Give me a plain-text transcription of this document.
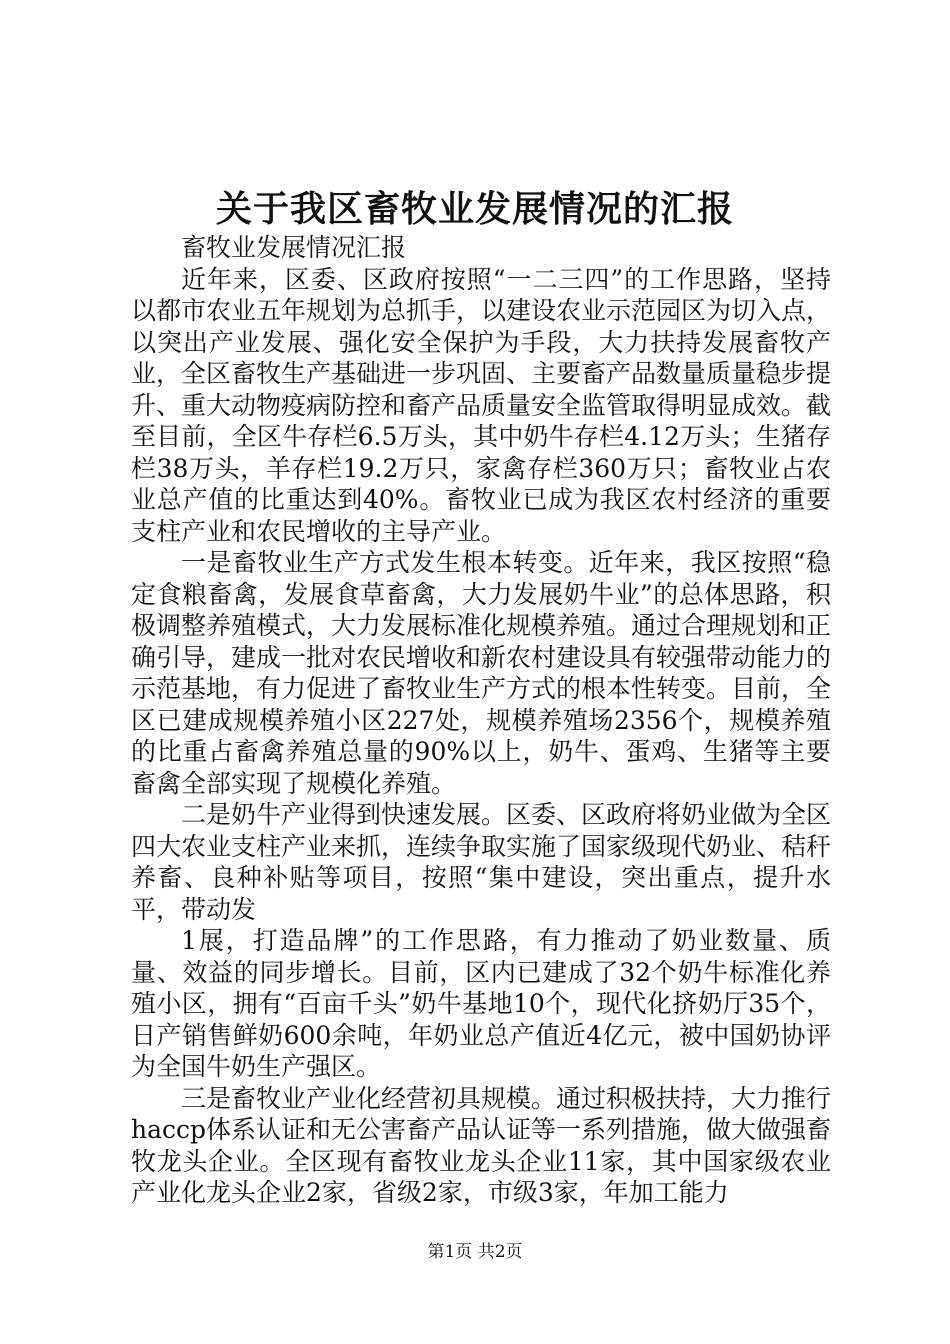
关于我区畜牧业发展情况的汇报

畜牧业发展情况汇报

近年来，区委、区政府按照“一二三四”的工作思路，坚持以都市农业五年规划为总抓手，以建设农业示范园区为切入点，以突出产业发展、强化安全保护为手段，大力扶持发展畜牧产业，全区畜牧生产基础进一步巩固、主要畜产品数量质量稳步提升、重大动物疫病防控和畜产品质量安全监管取得明显成效。截至目前，全区牛存栏6.5万头，其中奶牛存栏4.12万头；生猪存栏38万头，羊存栏19.2万只，家禽存栏360万只；畜牧业占农业总产值的比重达到40%。畜牧业已成为我区农村经济的重要支柱产业和农民增收的主导产业。

一是畜牧业生产方式发生根本转变。近年来，我区按照“稳定食粮畜禽，发展食草畜禽，大力发展奶牛业”的总体思路，积极调整养殖模式，大力发展标准化规模养殖。通过合理规划和正确引导，建成一批对农民增收和新农村建设具有较强带动能力的示范基地，有力促进了畜牧业生产方式的根本性转变。目前，全区已建成规模养殖小区227处，规模养殖场2356个，规模养殖的比重占畜禽养殖总量的90%以上，奶牛、蛋鸡、生猪等主要畜禽全部实现了规模化养殖。

二是奶牛产业得到快速发展。区委、区政府将奶业做为全区四大农业支柱产业来抓，连续争取实施了国家级现代奶业、秸秆养畜、良种补贴等项目，按照“集中建设，突出重点，提升水平，带动发

1展，打造品牌”的工作思路，有力推动了奶业数量、质量、效益的同步增长。目前，区内已建成了32个奶牛标准化养殖小区，拥有“百亩千头”奶牛基地10个，现代化挤奶厅35个，日产销售鲜奶600余吨，年奶业总产值近4亿元，被中国奶协评为全国牛奶生产强区。

三是畜牧业产业化经营初具规模。通过积极扶持，大力推行haccp体系认证和无公害畜产品认证等一系列措施，做大做强畜牧龙头企业。全区现有畜牧业龙头企业11家，其中国家级农业产业化龙头企业2家，省级2家，市级3家，年加工能力

第1页 共2页
